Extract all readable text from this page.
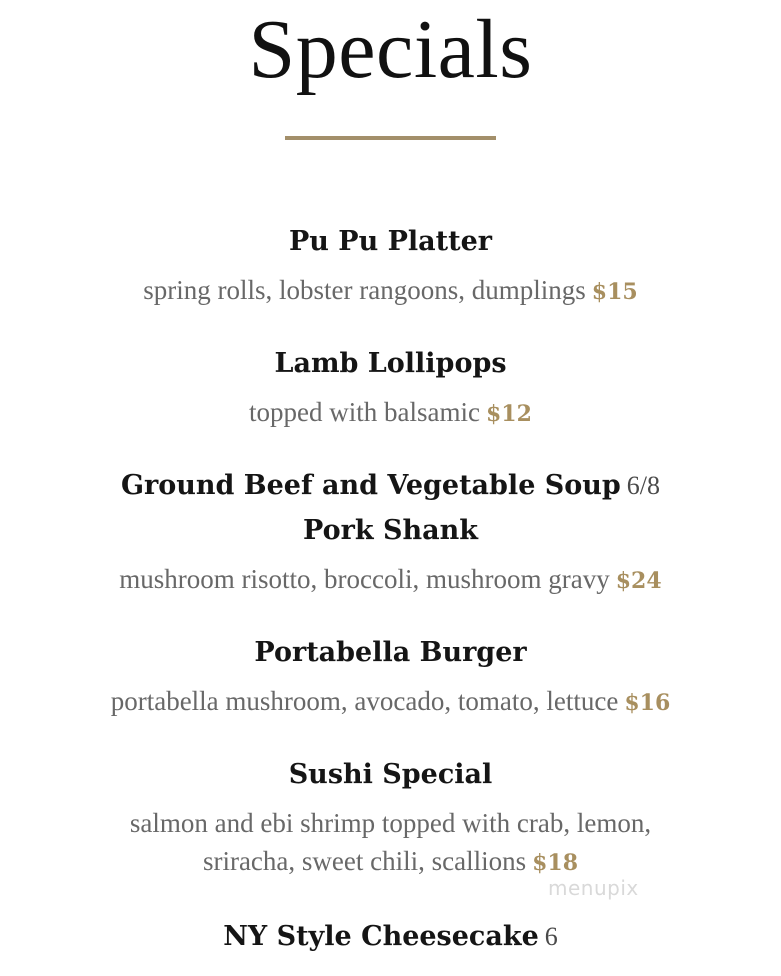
Specials
Pu Pu Platter
spring rolls, lobster rangoons, dumplings $15
Lamb Lollipops
topped with balsamic $12
Ground Beef and Vegetable Soup 6/8
Pork Shank
mushroom risotto, broccoli, mushroom gravy $24
Portabella Burger
portabella mushroom, avocado, tomato, lettuce $16
Sushi Special
salmon and ebi shrimp topped with crab, lemon,
sriracha, sweet chili, scallions $18
NY Style Cheesecake 6
menupix
